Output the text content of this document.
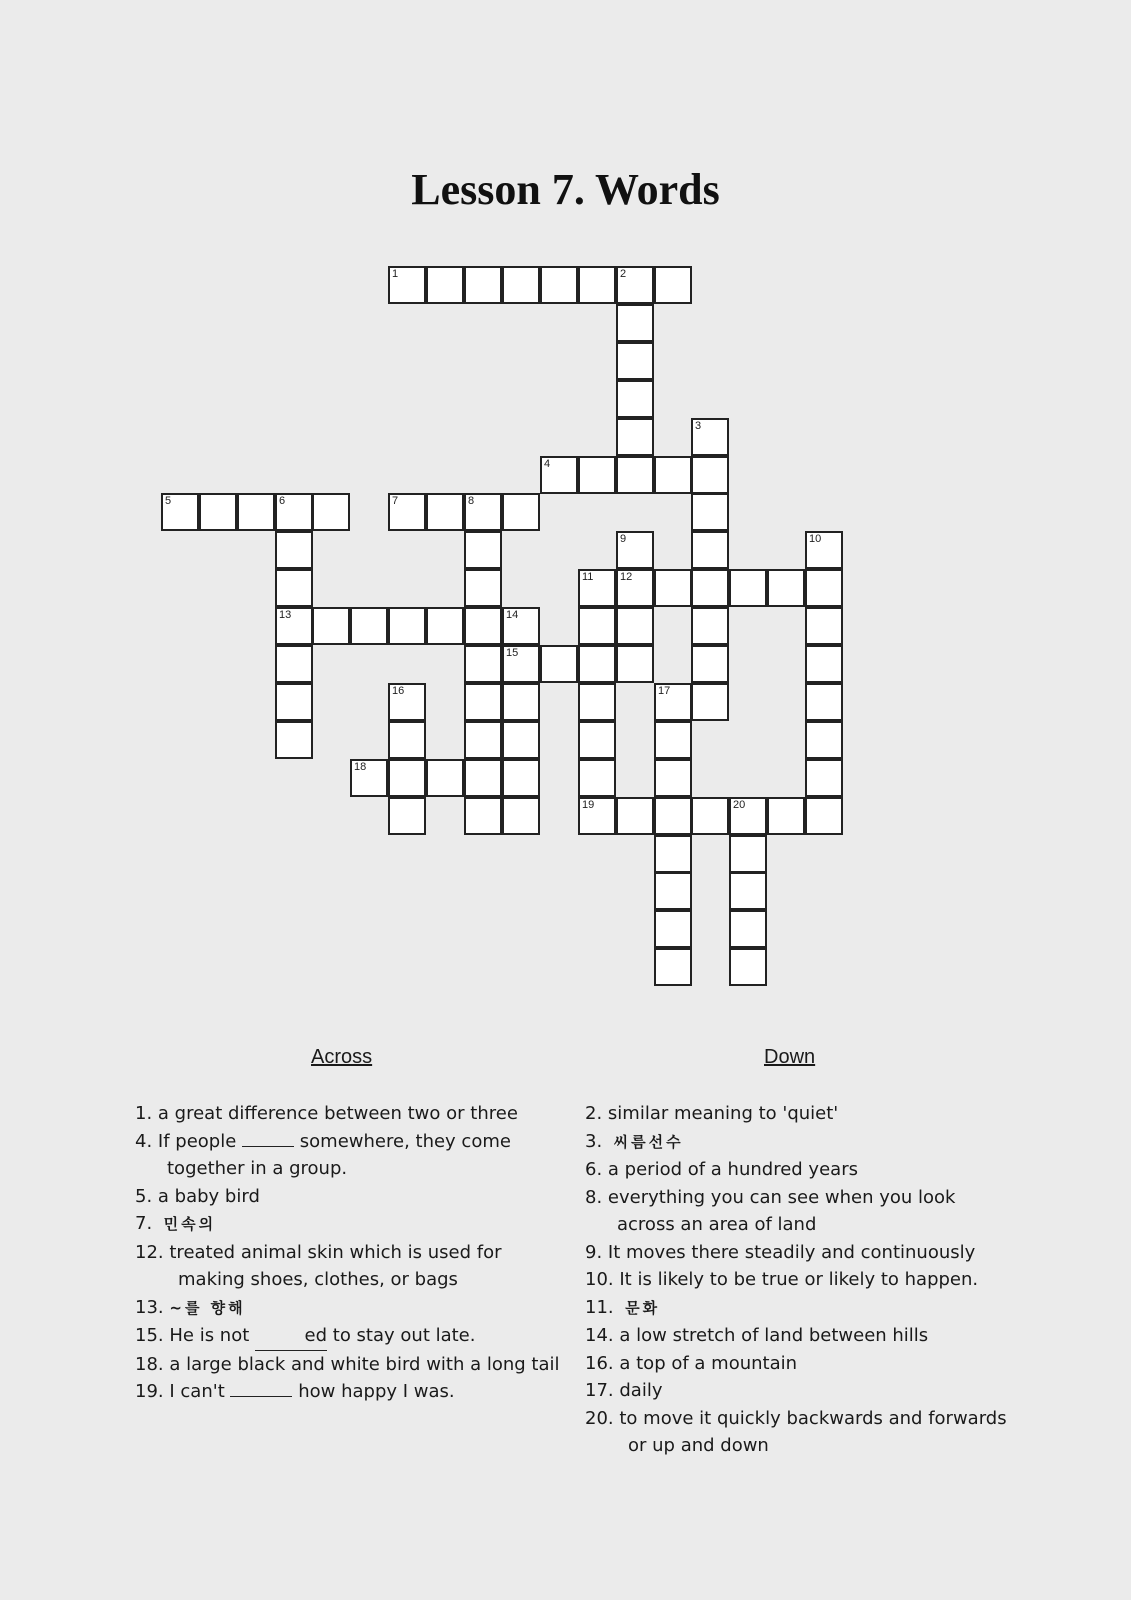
Lesson 7. Words
1	2
3
4
5	6	7	8
9	10
11 12
13	14
15
16	17
18
19	20
Across	Down
1. a great difference between two or three
4. If people	somewhere, they come
together in a group.
5. a baby bird
7. 민속의
12. treated animal skin which is used for
making shoes, clothes, or bags
13. ~를 향해
15. He is not	ed to stay out late.
18. a large black and white bird with a long tail
19. I can't	how happy I was.
2. similar meaning to 'quiet'
3. 씨름선수
6. a period of a hundred years
8. everything you can see when you look
across an area of land
9. It moves there steadily and continuously
10. It is likely to be true or likely to happen.
11. 문화
14. a low stretch of land between hills
16. a top of a mountain
17. daily
20. to move it quickly backwards and forwards
or up and down
